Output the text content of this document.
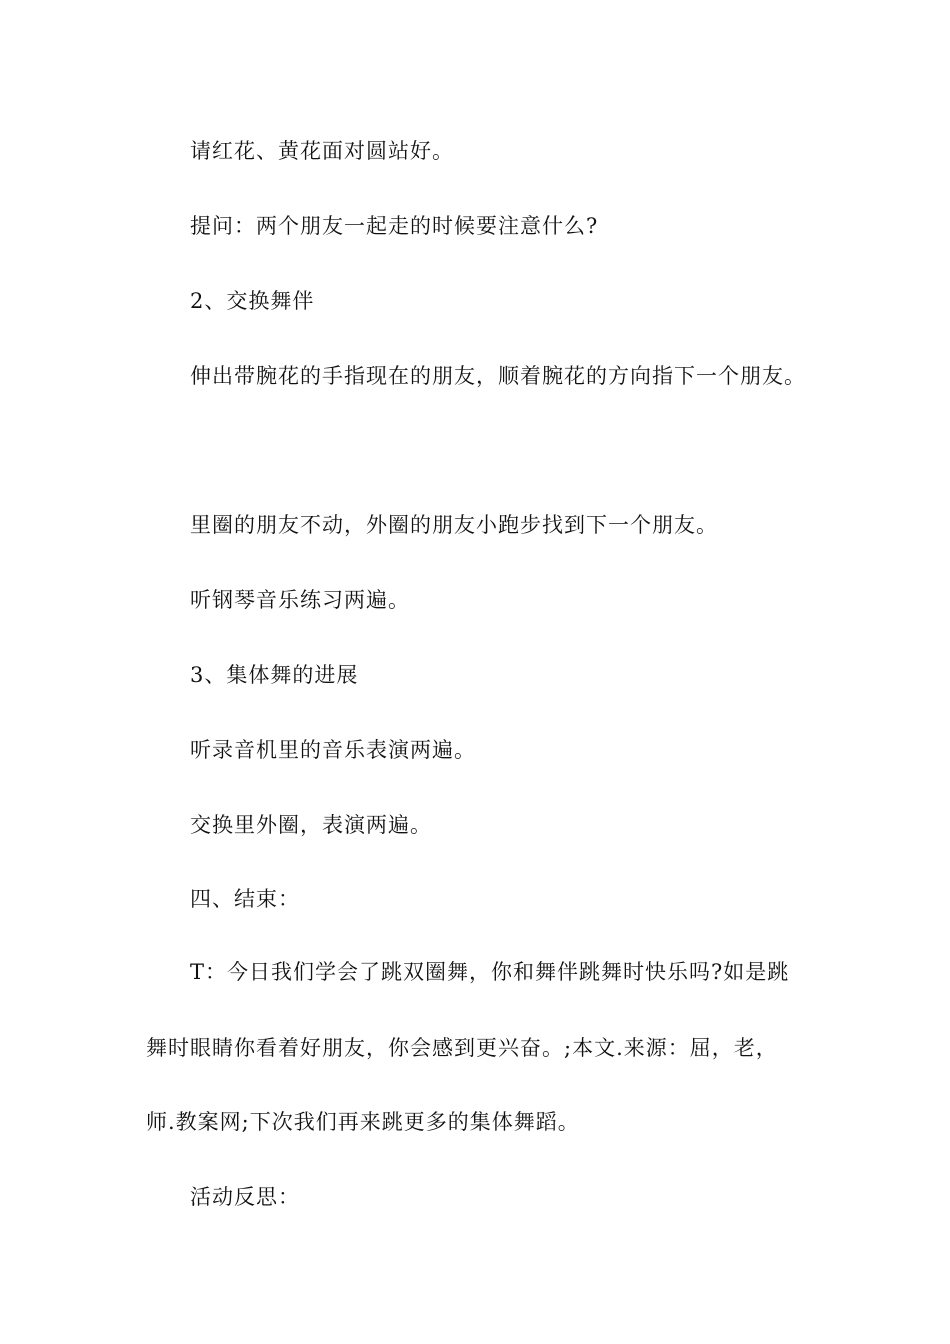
请红花、黄花面对圆站好。
提问：两个朋友一起走的时候要注意什么?
2、交换舞伴
伸出带腕花的手指现在的朋友，顺着腕花的方向指下一个朋友。
里圈的朋友不动，外圈的朋友小跑步找到下一个朋友。
听钢琴音乐练习两遍。
3、集体舞的进展
听录音机里的音乐表演两遍。
交换里外圈，表演两遍。
四、结束：
T：今日我们学会了跳双圈舞，你和舞伴跳舞时快乐吗?如是跳
舞时眼睛你看着好朋友，你会感到更兴奋。;本文.来源：屈，老，
师.教案网;下次我们再来跳更多的集体舞蹈。
活动反思：
